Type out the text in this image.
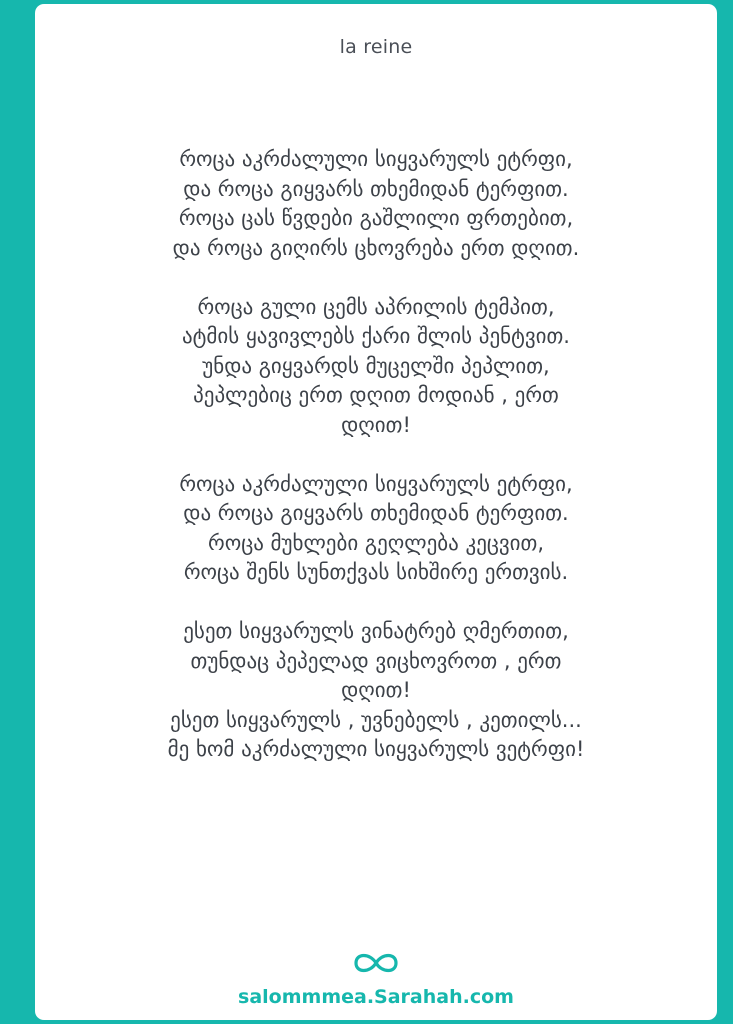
la reine
როცა აკრძალული სიყვარულს ეტრფი,
და როცა გიყვარს თხემიდან ტერფით.
როცა ცას წვდები გაშლილი ფრთებით,
და როცა გიღირს ცხოვრება ერთ დღით.
როცა გული ცემს აპრილის ტემპით,
ატმის ყავივლებს ქარი შლის პენტვით.
უნდა გიყვარდს მუცელში პეპლით,
პეპლებიც ერთ დღით მოდიან , ერთ
დღით!
როცა აკრძალული სიყვარულს ეტრფი,
და როცა გიყვარს თხემიდან ტერფით.
როცა მუხლები გეღლება კეცვით,
როცა შენს სუნთქვას სიხშირე ერთვის.
ესეთ სიყვარულს ვინატრებ ღმერთით,
თუნდაც პეპელად ვიცხოვროთ , ერთ
დღით!
ესეთ სიყვარულს , უვნებელს , კეთილს...
მე ხომ აკრძალული სიყვარულს ვეტრფი!
salommmea.Sarahah.com
